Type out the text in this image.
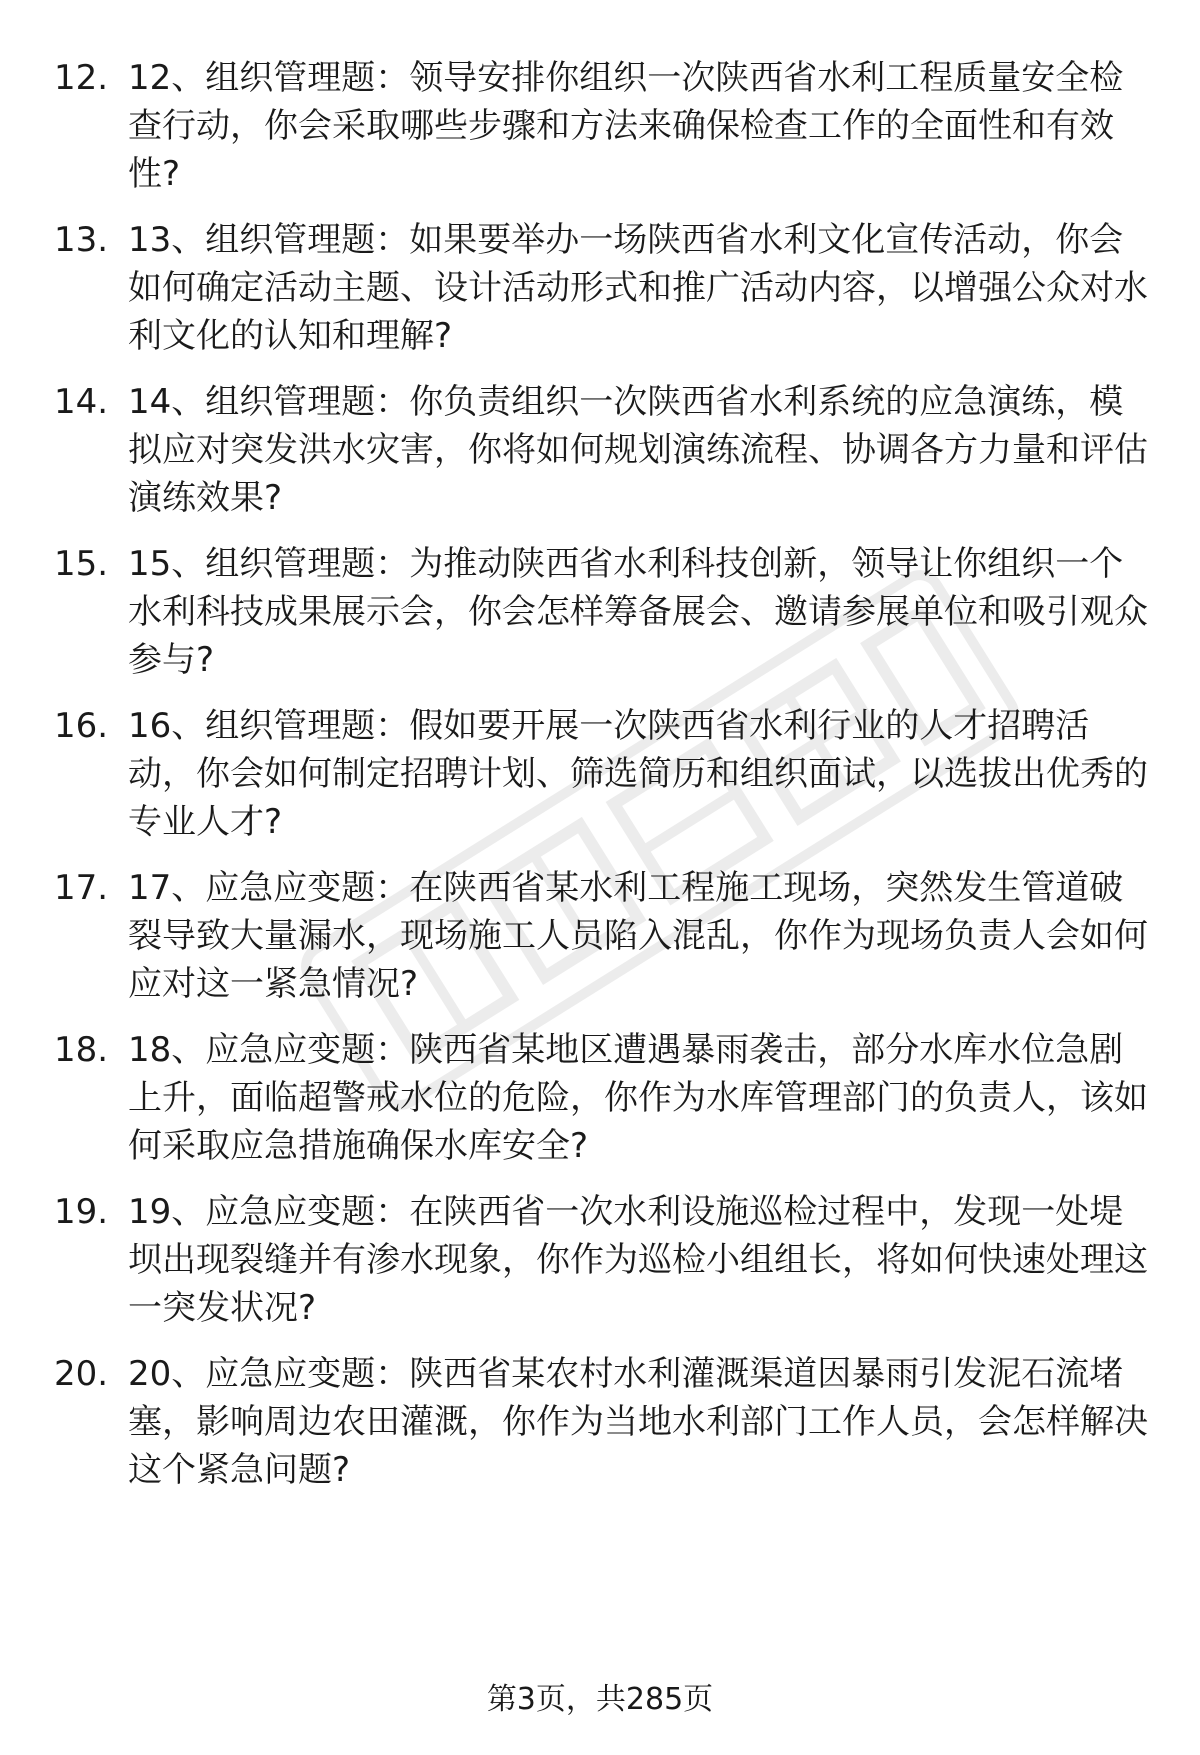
12. 12、组织管理题：领导安排你组织一次陕西省水利工程质量安全检查行动，你会采取哪些步骤和方法来确保检查工作的全面性和有效性?

13. 13、组织管理题：如果要举办一场陕西省水利文化宣传活动，你会如何确定活动主题、设计活动形式和推广活动内容，以增强公众对水利文化的认知和理解?

14. 14、组织管理题：你负责组织一次陕西省水利系统的应急演练，模拟应对突发洪水灾害，你将如何规划演练流程、协调各方力量和评估演练效果?

15. 15、组织管理题：为推动陕西省水利科技创新，领导让你组织一个水利科技成果展示会，你会怎样筹备展会、邀请参展单位和吸引观众参与?

16. 16、组织管理题：假如要开展一次陕西省水利行业的人才招聘活动，你会如何制定招聘计划、筛选简历和组织面试，以选拔出优秀的专业人才?

17. 17、应急应变题：在陕西省某水利工程施工现场，突然发生管道破裂导致大量漏水，现场施工人员陷入混乱，你作为现场负责人会如何应对这一紧急情况?

18. 18、应急应变题：陕西省某地区遭遇暴雨袭击，部分水库水位急剧上升，面临超警戒水位的危险，你作为水库管理部门的负责人，该如何采取应急措施确保水库安全?

19. 19、应急应变题：在陕西省一次水利设施巡检过程中，发现一处堤坝出现裂缝并有渗水现象，你作为巡检小组组长，将如何快速处理这一突发状况?

20. 20、应急应变题：陕西省某农村水利灌溉渠道因暴雨引发泥石流堵塞，影响周边农田灌溉，你作为当地水利部门工作人员，会怎样解决这个紧急问题?

第3页，共285页
